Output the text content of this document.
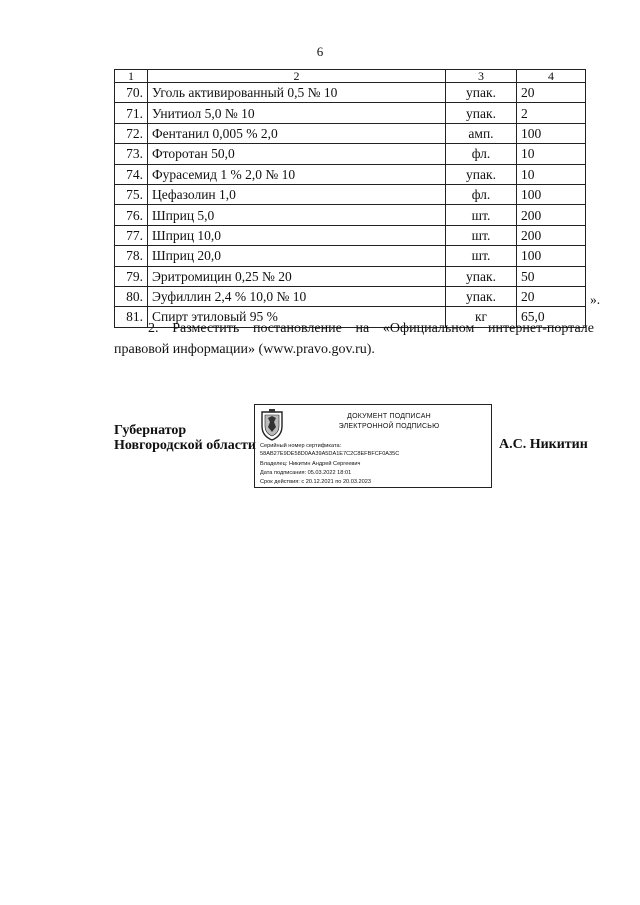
6
1	2	3	4
70.	Уголь активированный 0,5 № 10	упак.	20
71.	Унитиол 5,0 № 10	упак.	2
72.	Фентанил 0,005 % 2,0	амп.	100
73.	Фторотан 50,0	фл.	10
74.	Фурасемид 1 % 2,0 № 10	упак.	10
75.	Цефазолин 1,0	фл.	100
76.	Шприц 5,0	шт.	200
77.	Шприц 10,0	шт.	200
78.	Шприц 20,0	шт.	100
79.	Эритромицин 0,25 № 20	упак.	50
80.	Эуфиллин 2,4 % 10,0 № 10	упак.	20
81.	Спирт этиловый 95 %	кг	65,0
».
2. Разместить постановление на «Официальном интернет-портале
правовой информации» (www.pravo.gov.ru).
Губернатор
Новгородской области
ДОКУМЕНТ ПОДПИСАН
ЭЛЕКТРОННОЙ ПОДПИСЬЮ
Серийный номер сертификата:
58AB27E9DE58D0AA39A5DA1E7C2C8EFBFCF0A35C
Владелец: Никитин Андрей Сергеевич
Дата подписания: 05.03.2022 18:01
Срок действия: с 20.12.2021 по 20.03.2023
А.С. Никитин
